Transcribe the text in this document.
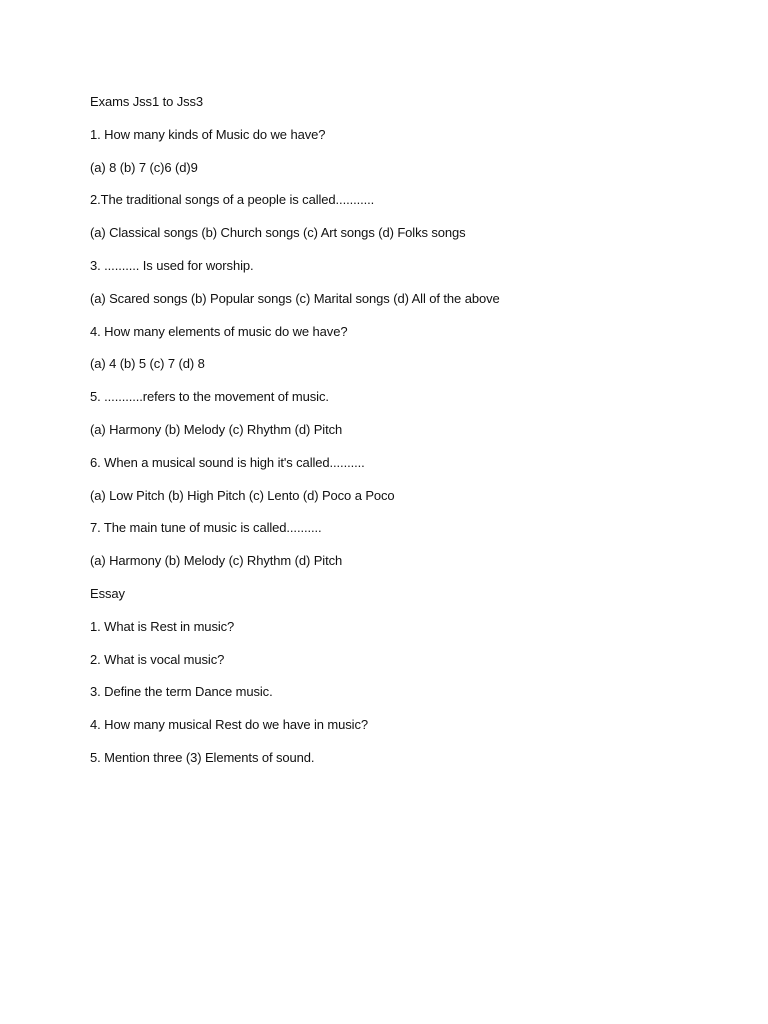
Exams Jss1 to Jss3
1. How many kinds of Music do we have?
(a) 8 (b) 7 (c)6 (d)9
2.The traditional songs of a people is called...........
(a) Classical songs (b) Church songs (c) Art songs (d) Folks songs
3. .......... Is used for worship.
(a) Scared songs (b) Popular songs (c) Marital songs (d) All of the above
4. How many elements of music do we have?
(a) 4 (b) 5 (c) 7 (d) 8
5. ...........refers to the movement of music.
(a) Harmony (b) Melody (c) Rhythm (d) Pitch
6. When a musical sound is high it's called..........
(a) Low Pitch (b) High Pitch (c) Lento (d) Poco a Poco
7. The main tune of music is called..........
(a) Harmony (b) Melody (c) Rhythm (d) Pitch
Essay
1. What is Rest in music?
2. What is vocal music?
3. Define the term Dance music.
4. How many musical Rest do we have in music?
5. Mention three (3) Elements of sound.
